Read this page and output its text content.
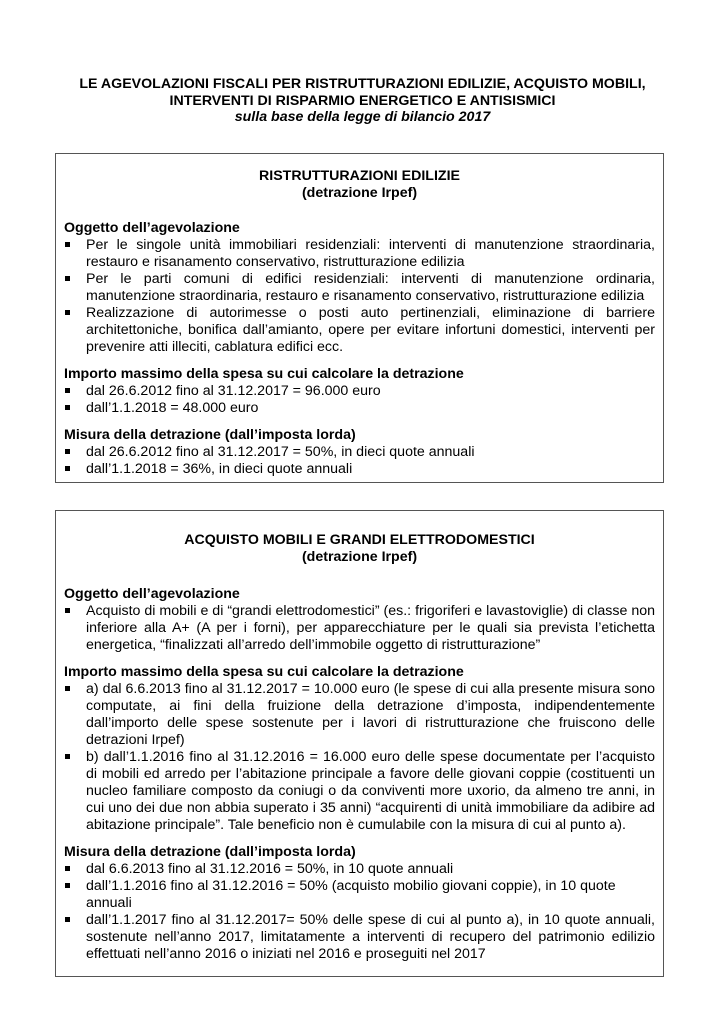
LE AGEVOLAZIONI FISCALI PER RISTRUTTURAZIONI EDILIZIE, ACQUISTO MOBILI,
INTERVENTI DI RISPARMIO ENERGETICO E ANTISISMICI
sulla base della legge di bilancio 2017
RISTRUTTURAZIONI EDILIZIE
(detrazione Irpef)

Oggetto dell’agevolazione

Per le singole unità immobiliari residenziali: interventi di manutenzione straordinaria, restauro e risanamento conservativo, ristrutturazione edilizia
Per le parti comuni di edifici residenziali: interventi di manutenzione ordinaria, manutenzione straordinaria, restauro e risanamento conservativo, ristrutturazione edilizia
Realizzazione di autorimesse o posti auto pertinenziali, eliminazione di barriere architettoniche, bonifica dall’amianto, opere per evitare infortuni domestici, interventi per prevenire atti illeciti, cablatura edifici ecc.

Importo massimo della spesa su cui calcolare la detrazione

dal 26.6.2012 fino al 31.12.2017 = 96.000 euro
dall’1.1.2018 = 48.000 euro

Misura della detrazione (dall’imposta lorda)

dal 26.6.2012 fino al 31.12.2017 = 50%, in dieci quote annuali
dall’1.1.2018 = 36%, in dieci quote annuali
ACQUISTO MOBILI E GRANDI ELETTRODOMESTICI
(detrazione Irpef)

Oggetto dell’agevolazione

Acquisto di mobili e di “grandi elettrodomestici” (es.: frigoriferi e lavastoviglie) di classe non inferiore alla A+ (A per i forni), per apparecchiature per le quali sia prevista l’etichetta energetica, “finalizzati all’arredo dell’immobile oggetto di ristrutturazione”

Importo massimo della spesa su cui calcolare la detrazione

a) dal 6.6.2013 fino al 31.12.2017 = 10.000 euro (le spese di cui alla presente misura sono computate, ai fini della fruizione della detrazione d’imposta, indipendentemente dall’importo delle spese sostenute per i lavori di ristrutturazione che fruiscono delle detrazioni Irpef)
b) dall’1.1.2016 fino al 31.12.2016 = 16.000 euro delle spese documentate per l’acquisto di mobili ed arredo per l’abitazione principale a favore delle giovani coppie (costituenti un nucleo familiare composto da coniugi o da conviventi more uxorio, da almeno tre anni, in cui uno dei due non abbia superato i 35 anni) “acquirenti di unità immobiliare da adibire ad abitazione principale”. Tale beneficio non è cumulabile con la misura di cui al punto a).

Misura della detrazione (dall’imposta lorda)

dal 6.6.2013 fino al 31.12.2016 = 50%, in 10 quote annuali
dall’1.1.2016 fino al 31.12.2016 = 50% (acquisto mobilio giovani coppie), in 10 quote annuali
dall’1.1.2017 fino al 31.12.2017= 50% delle spese di cui al punto a), in 10 quote annuali, sostenute nell’anno 2017, limitatamente a interventi di recupero del patrimonio edilizio effettuati nell’anno 2016 o iniziati nel 2016 e proseguiti nel 2017
